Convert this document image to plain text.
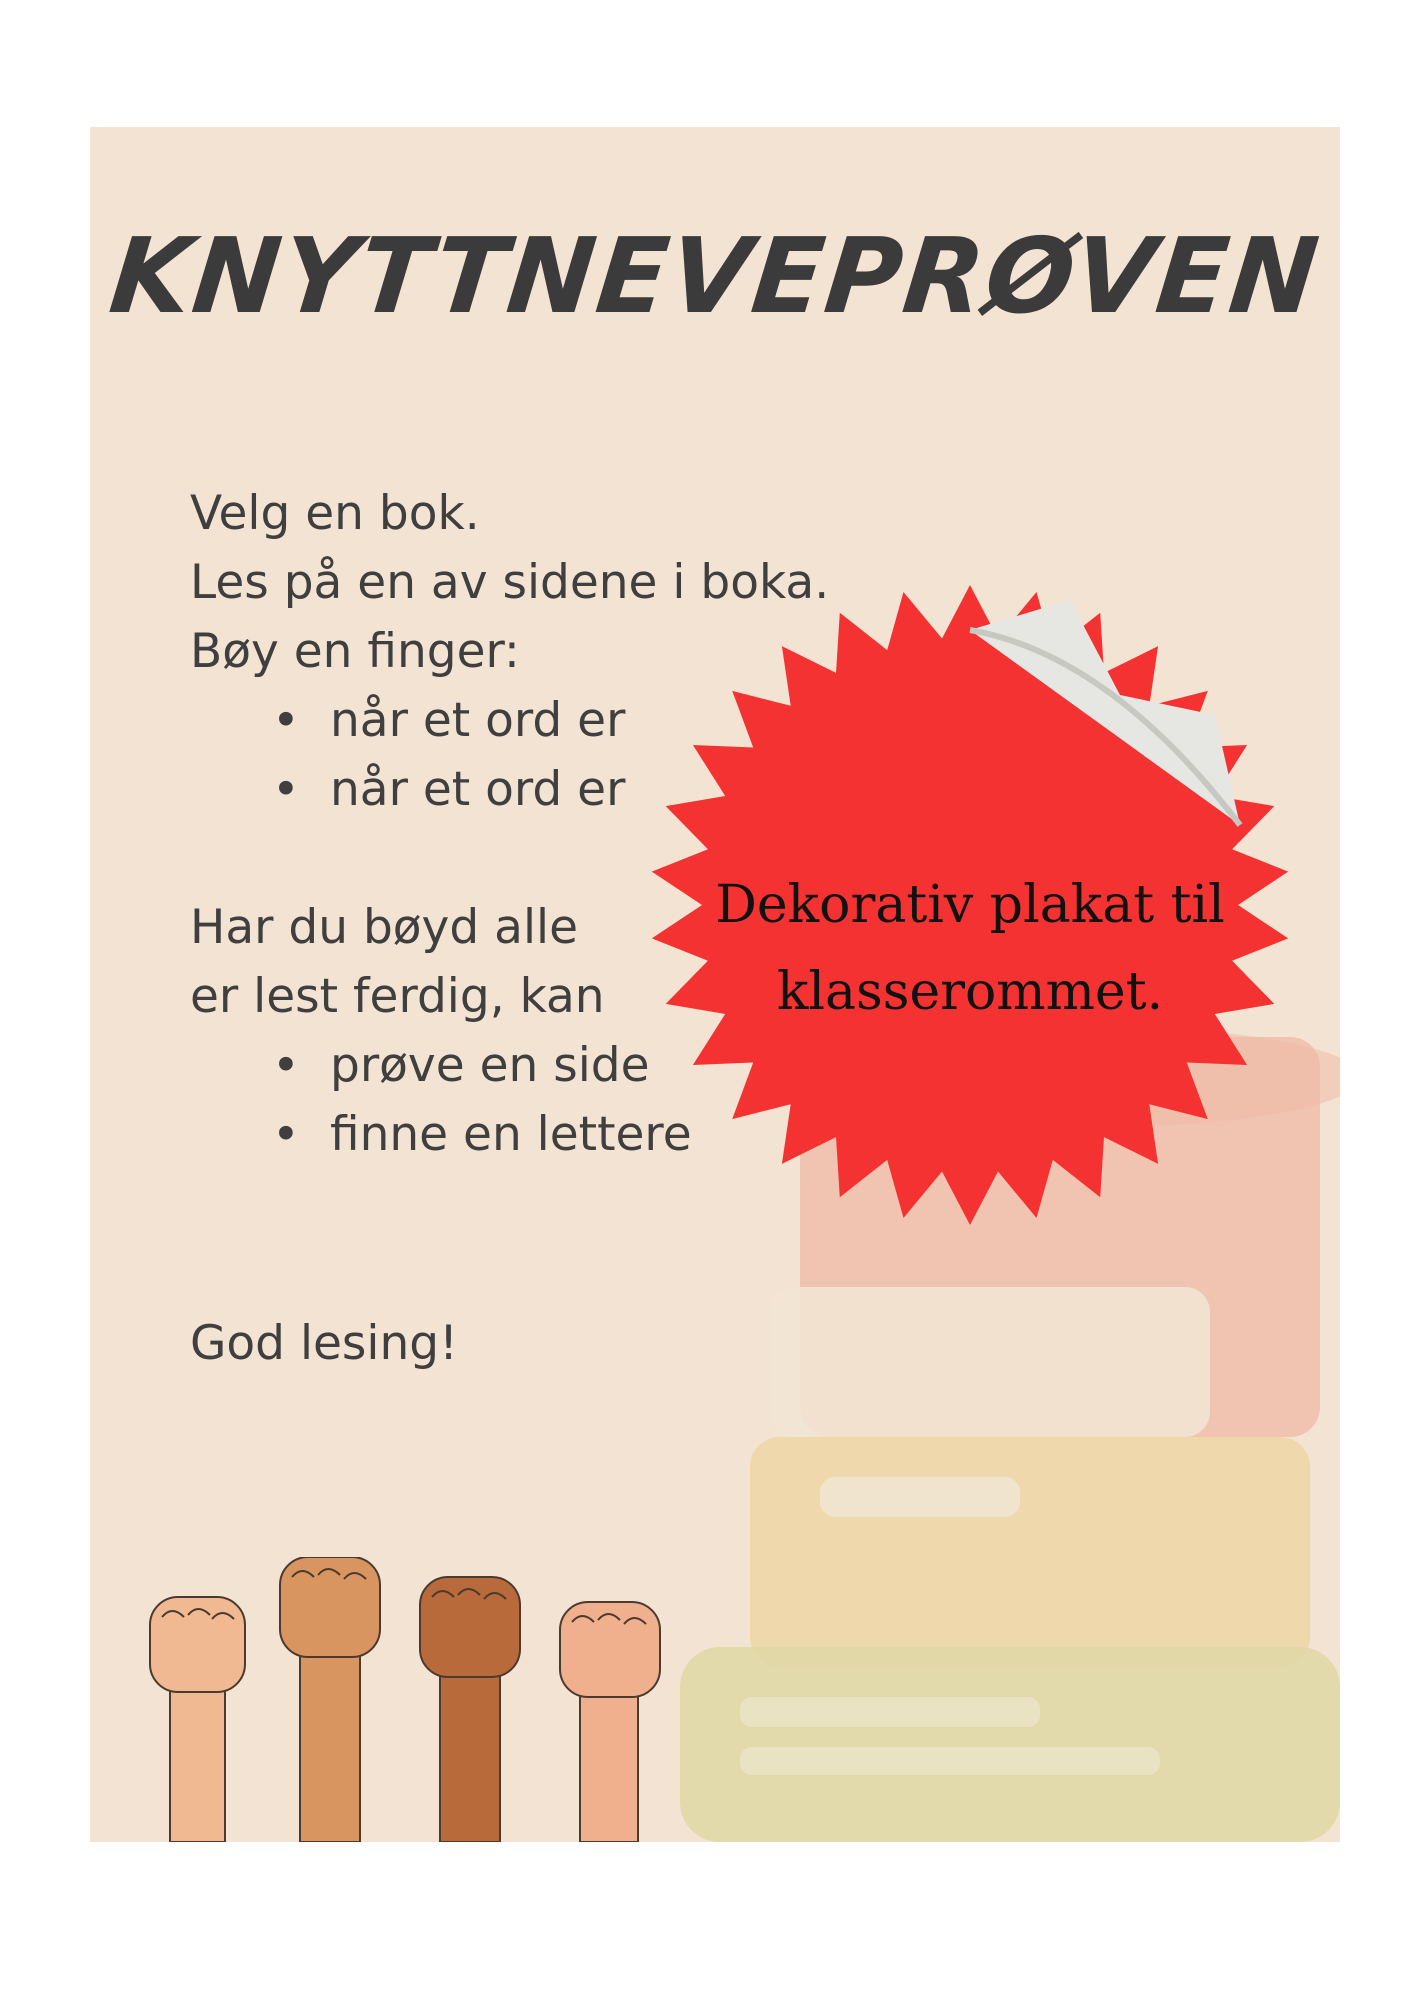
KNYTTNEVEPRØVEN

Velg en bok.

Les på en av sidene i boka.

Bøy en finger:

• når et ord er
• når et ord er

Har du bøyd alle

er lest ferdig, kan

• prøve en side
• finne en lettere

God lesing!

Dekorativ plakat til
klasserommet.
